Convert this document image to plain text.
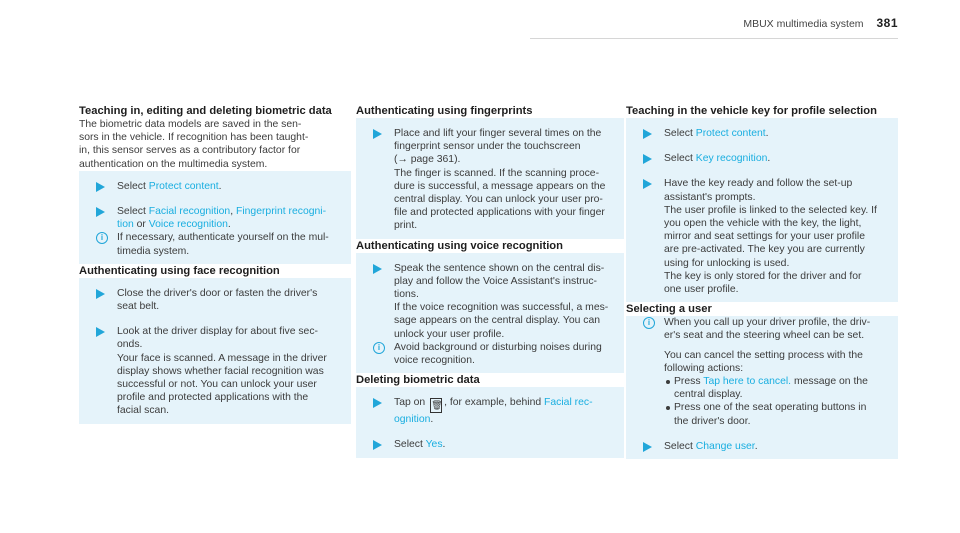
MBUX multimedia system 381

Teaching in, editing and deleting biometric data

The biometric data models are saved in the sen-
sors in the vehicle. If recognition has been taught-
in, this sensor serves as a contributory factor for
authentication on the multimedia system.
Select Protect content.
Select Facial recognition, Fingerprint recogni-
tion or Voice recognition.
i	If necessary, authenticate yourself on the mul-
timedia system.

Authenticating using face recognition

Close the driver's door or fasten the driver's
seat belt.
Look at the driver display for about five sec-
onds.
Your face is scanned. A message in the driver
display shows whether facial recognition was
successful or not. You can unlock your user
profile and protected applications with the
facial scan.

Authenticating using fingerprints

Place and lift your finger several times on the
fingerprint sensor under the touchscreen
(→ page 361).
The finger is scanned. If the scanning proce-
dure is successful, a message appears on the
central display. You can unlock your user pro-
file and protected applications with your finger
print.

Authenticating using voice recognition

Speak the sentence shown on the central dis-
play and follow the Voice Assistant's instruc-
tions.
If the voice recognition was successful, a mes-
sage appears on the central display. You can
unlock your user profile.
i	Avoid background or disturbing noises during
voice recognition.

Deleting biometric data

Tap on 🗑 , for example, behind Facial rec-
ognition.
Select Yes.

Teaching in the vehicle key for profile selection

Select Protect content.
Select Key recognition.
Have the key ready and follow the set-up
assistant's prompts.
The user profile is linked to the selected key. If
you open the vehicle with the key, the light,
mirror and seat settings for your user profile
are pre-activated. The key you are currently
using for unlocking is used.
The key is only stored for the driver and for
one user profile.

Selecting a user

i	When you call up your driver profile, the driv-
er's seat and the steering wheel can be set.
You can cancel the setting process with the
following actions:
Press Tap here to cancel. message on the
central display.
Press one of the seat operating buttons in
the driver's door.
Select Change user.
